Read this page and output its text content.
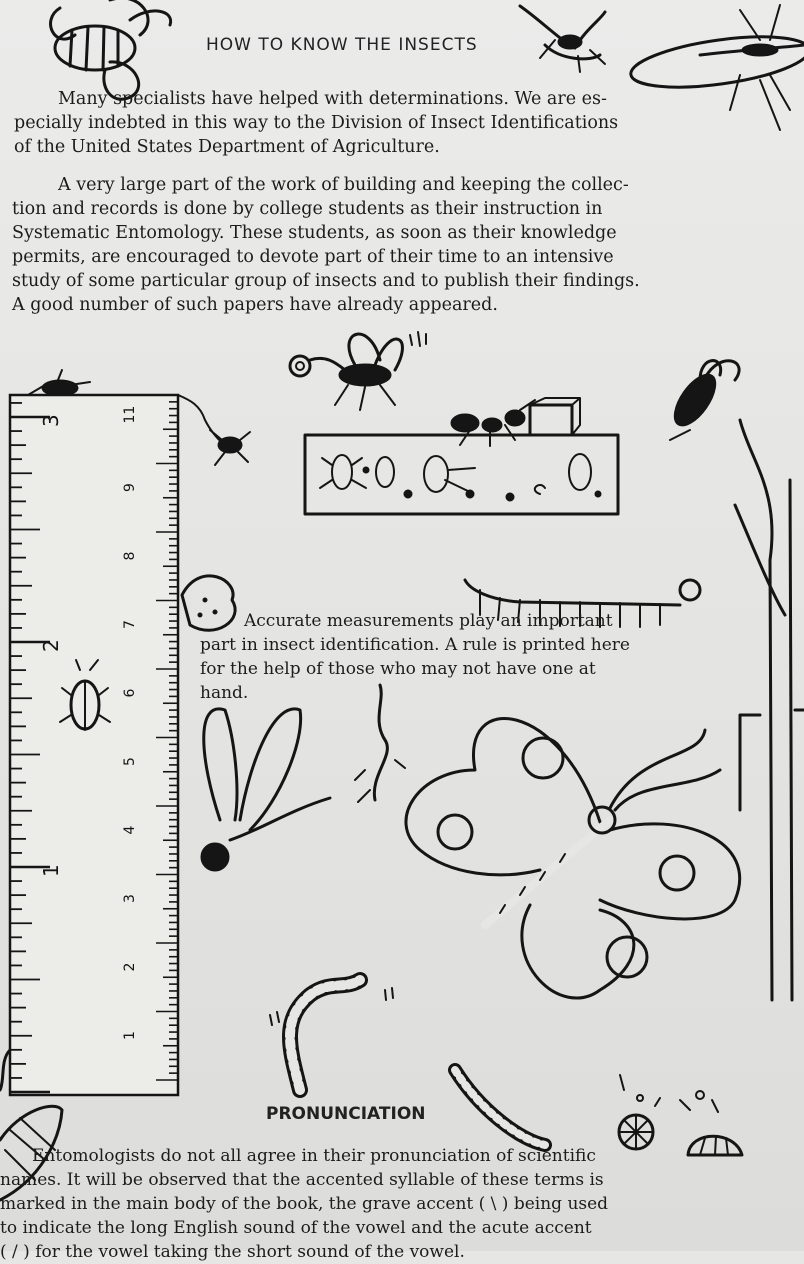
1
2
3
1
2
3
4
5
6
7
8
9
11
HOW TO KNOW THE INSECTS

Many specialists have helped with determinations. We are es-
pecially indebted in this way to the Division of Insect Identifications
of the United States Department of Agriculture.

A very large part of the work of building and keeping the collec-
tion and records is done by college students as their instruction in
Systematic Entomology. These students, as soon as their knowledge
permits, are encouraged to devote part of their time to an intensive
study of some particular group of insects and to publish their findings.
A good number of such papers have already appeared.

Accurate measurements play an important
part in insect identification. A rule is printed here
for the help of those who may not have one at
hand.

PRONUNCIATION

Entomologists do not all agree in their pronunciation of scientific
names. It will be observed that the accented syllable of these terms is
marked in the main body of the book, the grave accent ( \ ) being used
to indicate the long English sound of the vowel and the acute accent
( / ) for the vowel taking the short sound of the vowel.
